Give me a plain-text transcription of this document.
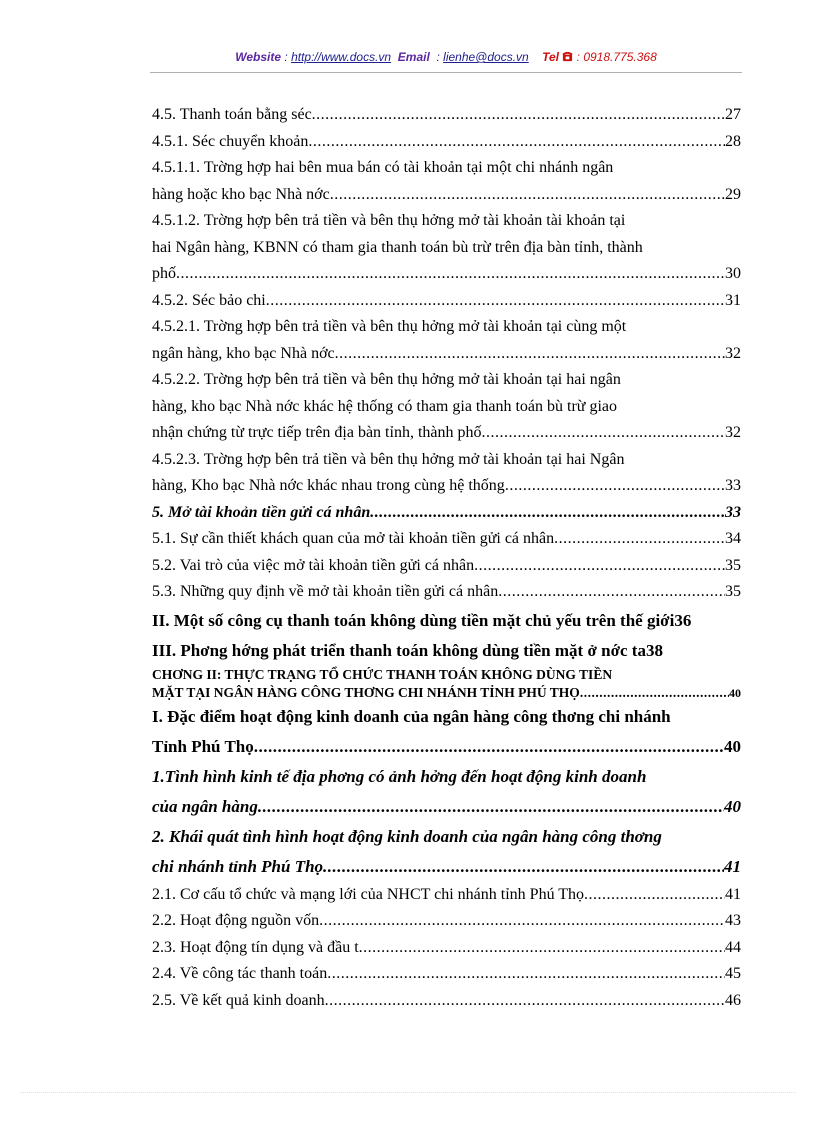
Website : http://www.docs.vn Email  : lienhe@docs.vn Tel  : 0918.775.368
4.5. Thanh toán bằng séc .....	27
4.5.1. Séc chuyển khoản .....	28
4.5.1.1. Trờng hợp hai bên mua bán có tài khoản tại một chi nhánh ngân
hàng hoặc kho bạc Nhà nớc .....	29
4.5.1.2. Trờng hợp bên trả tiền và bên thụ hởng mở tài khoản tài khoản tại
hai Ngân hàng, KBNN có tham gia thanh toán bù trừ trên địa bàn tỉnh, thành
phố .....	30
4.5.2. Séc bảo chi .....	31
4.5.2.1. Trờng hợp bên trả tiền và bên thụ hởng mở tài khoản tại cùng một
ngân hàng, kho bạc Nhà nớc .....	32
4.5.2.2. Trờng hợp bên trả tiền và bên thụ hởng mở tài khoản tại hai ngân
hàng, kho bạc Nhà nớc khác hệ thống có tham gia thanh toán bù trừ giao
nhận chứng từ trực tiếp trên địa bàn tỉnh, thành phố .....	32
4.5.2.3. Trờng hợp bên trả tiền và bên thụ hởng mở tài khoản tại hai Ngân
hàng, Kho bạc Nhà nớc khác nhau trong cùng hệ thống .....	33
5. Mở tài khoản tiền gửi cá nhân .....	33
5.1. Sự cần thiết khách quan của mở tài khoản tiền gửi cá nhân .....	34
5.2. Vai trò của việc mở tài khoản tiền gửi cá nhân .....	35
5.3. Những quy định về mở tài khoản tiền gửi cá nhân .....	35
II. Một số công cụ thanh toán không dùng tiền mặt chủ yếu trên thế giới 36
III. Phơng hớng phát triển thanh toán không dùng tiền mặt ở nớc ta 38
CHƠNG II: THỰC TRẠNG TỔ CHỨC THANH TOÁN KHÔNG DÙNG TIỀN
MẶT TẠI NGÂN HÀNG CÔNG THƠNG CHI NHÁNH TỈNH PHÚ THỌ .....	40
I. Đặc điểm hoạt động kinh doanh của ngân hàng công thơng chi nhánh
Tỉnh Phú Thọ .....	40
1.Tình hình kinh tế địa phơng có ảnh hởng đến hoạt động kinh doanh
của ngân hàng .....	40
2. Khái quát tình hình hoạt động kinh doanh của ngân hàng công thơng
chi nhánh tỉnh Phú Thọ .....	41
2.1. Cơ cấu tổ chức và mạng lới của NHCT chi nhánh tỉnh Phú Thọ .....	41
2.2. Hoạt động nguồn vốn .....	43
2.3. Hoạt động tín dụng và đầu t .....	44
2.4. Về công tác thanh toán .....	45
2.5. Về kết quả kinh doanh .....	46
